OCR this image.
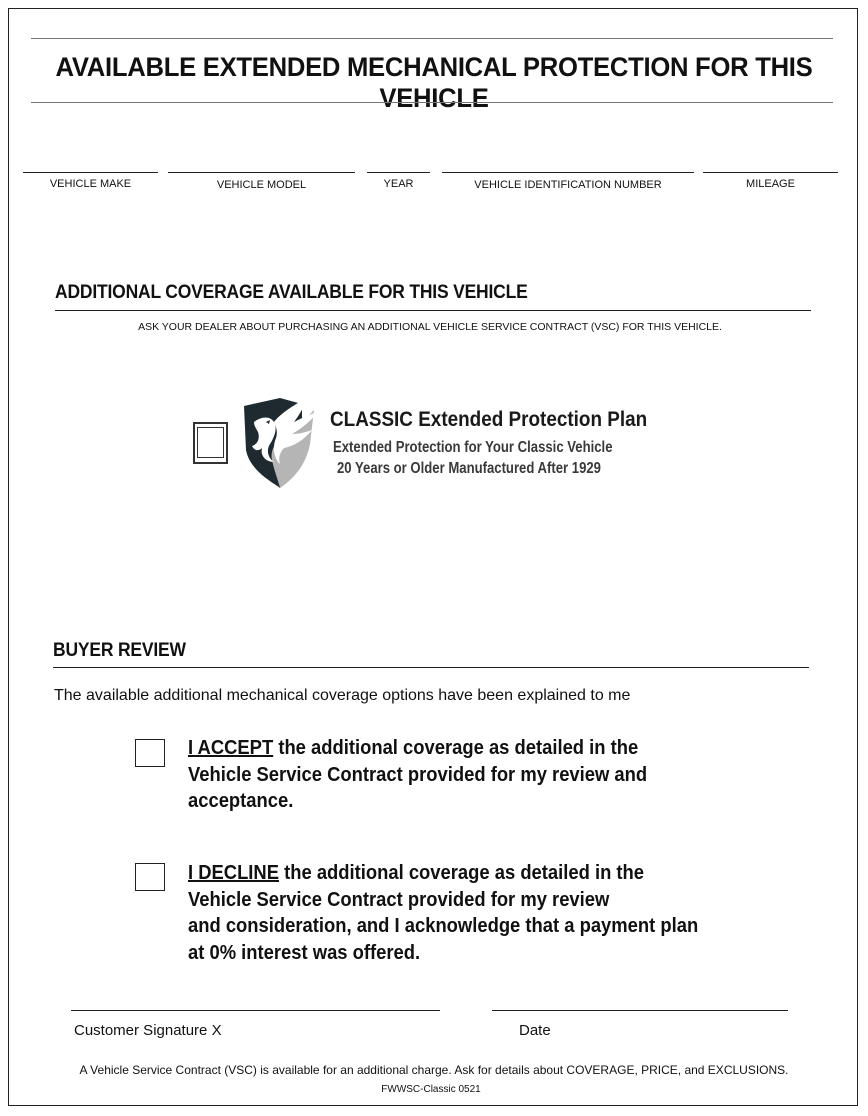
AVAILABLE EXTENDED MECHANICAL PROTECTION FOR THIS VEHICLE
VEHICLE MAKE	VEHICLE MODEL	YEAR	VEHICLE IDENTIFICATION NUMBER	MILEAGE
ADDITIONAL COVERAGE AVAILABLE FOR THIS VEHICLE
ASK YOUR DEALER ABOUT PURCHASING AN ADDITIONAL VEHICLE SERVICE CONTRACT (VSC) FOR THIS VEHICLE.
CLASSIC Extended Protection Plan
Extended Protection for Your Classic Vehicle
20 Years or Older Manufactured After 1929
BUYER REVIEW
The available additional mechanical coverage options have been explained to me
I ACCEPT the additional coverage as detailed in the
Vehicle Service Contract provided for my review and
acceptance.
I DECLINE the additional coverage as detailed in the
Vehicle Service Contract provided for my review
and consideration, and I acknowledge that a payment plan
at 0% interest was offered.
Customer Signature X	Date
A Vehicle Service Contract (VSC) is available for an additional charge. Ask for details about COVERAGE, PRICE, and EXCLUSIONS.
FWWSC-Classic 0521
